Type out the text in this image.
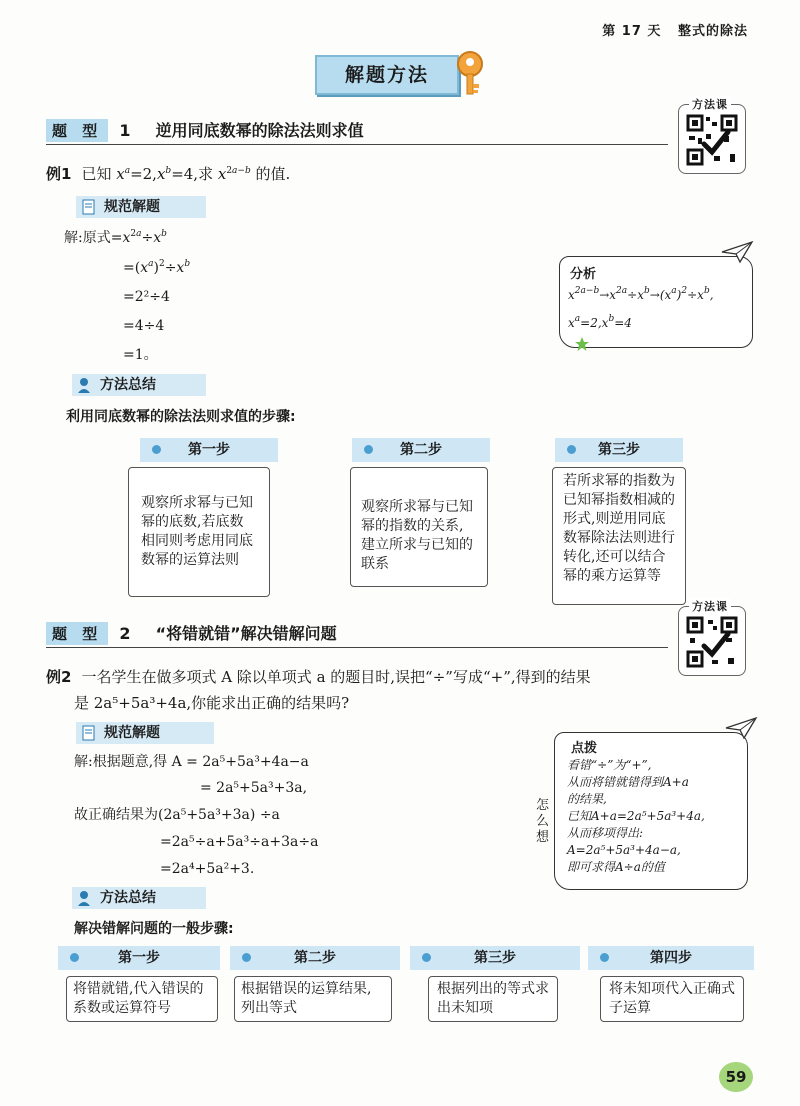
第 17 天 整式的除法
解题方法
题 型 1 逆用同底数幂的除法法则求值
方法课
例1 已知 $x^a=2,x^b=4$,求 $x^{2a-b}$ 的值.
规范解题
解:原式$=x^{2a}\div x^b$
$=(x^a)^2\div x^b$
=2²÷4
=4÷4
=1。
分析
$x^{2a-b}\to x^{2a}\div x^b\to(x^a)^2\div x^b$,
$x^a=2,x^b=4$
方法总结
利用同底数幂的除法法则求值的步骤:
第一步
观察所求幂与已知幂的底数,若底数相同则考虑用同底数幂的运算法则
第二步
观察所求幂与已知幂的指数的关系,建立所求与已知的联系
第三步
若所求幂的指数为已知幂指数相减的形式,则逆用同底数幂除法法则进行转化,还可以结合幂的乘方运算等
题 型 2 “将错就错”解决错解问题
方法课
例2 一名学生在做多项式 A 除以单项式 a 的题目时,误把“÷”写成“+”,得到的结果
是 2a⁵+5a³+4a,你能求出正确的结果吗?
规范解题
解:根据题意,得 A = 2a⁵+5a³+4a−a
= 2a⁵+5a³+3a,
故正确结果为(2a⁵+5a³+3a) ÷a
=2a⁵÷a+5a³÷a+3a÷a
=2a⁴+5a²+3.
点拨
看错“÷”为“+”,
从而将错就错得到A+a
的结果,
已知A+a=2a⁵+5a³+4a,
从而移项得出:
A=2a⁵+5a³+4a−a,
即可求得A÷a的值
怎么想
方法总结
解决错解问题的一般步骤:
第一步
将错就错,代入错误的系数或运算符号
第二步
根据错误的运算结果,列出等式
第三步
根据列出的等式求出未知项
第四步
将未知项代入正确式子运算
59
